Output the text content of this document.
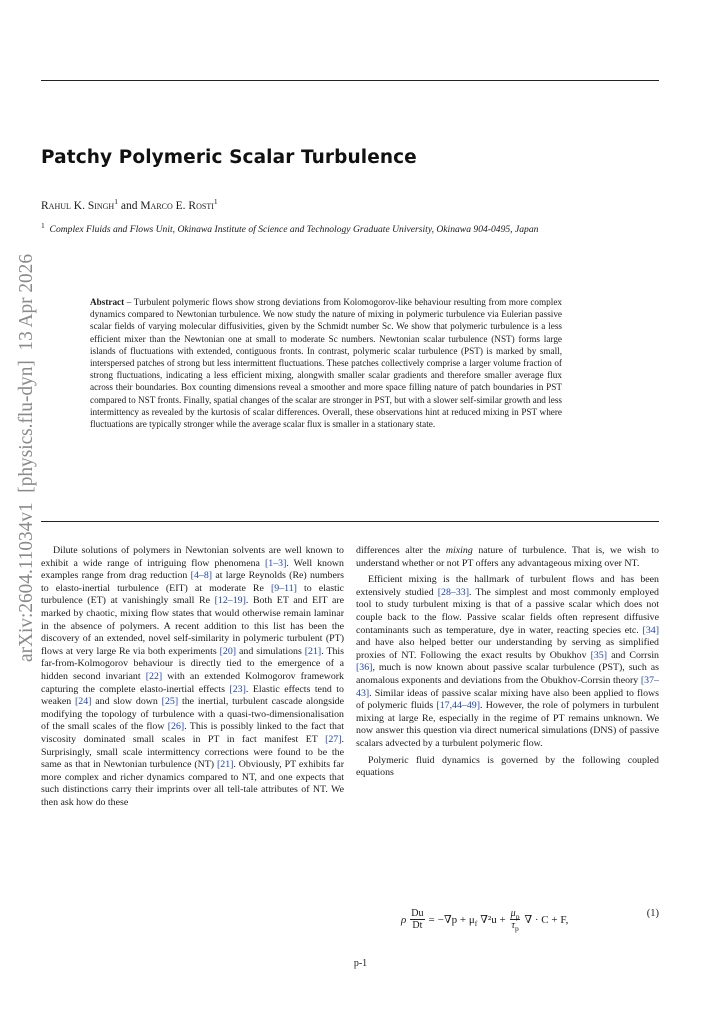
Patchy Polymeric Scalar Turbulence
Rahul K. Singh$^1$ and Marco E. Rosti$^1$
$^1$ Complex Fluids and Flows Unit, Okinawa Institute of Science and Technology Graduate University, Okinawa 904-0495, Japan
arXiv:2604.11034v1  [physics.flu-dyn]  13 Apr 2026	Abstract – Turbulent polymeric flows show strong deviations from Kolomogorov-like behaviour resulting from more complex dynamics compared to Newtonian turbulence. We now study the nature of mixing in polymeric turbulence via Eulerian passive scalar fields of varying molecular diffusivities, given by the Schmidt number Sc. We show that polymeric turbulence is a less efficient mixer than the Newtonian one at small to moderate Sc numbers. Newtonian scalar turbulence (NST) forms large islands of fluctuations with extended, contiguous fronts. In contrast, polymeric scalar turbulence (PST) is marked by small, interspersed patches of strong but less intermittent fluctuations. These patches collectively comprise a larger volume fraction of strong fluctuations, indicating a less efficient mixing, alongwith smaller scalar gradients and therefore smaller average flux across their boundaries. Box counting dimensions reveal a smoother and more space filling nature of patch boundaries in PST compared to NST fronts. Finally, spatial changes of the scalar are stronger in PST, but with a slower self-similar growth and less intermittency as revealed by the kurtosis of scalar differences. Overall, these observations hint at reduced mixing in PST where fluctuations are typically stronger while the average scalar flux is smaller in a stationary state.

Dilute solutions of polymers in Newtonian solvents are well known to exhibit a wide range of intriguing flow phenomena [1–3]. Well known examples range from drag reduction [4–8] at large Reynolds (Re) numbers to elasto-inertial turbulence (EIT) at moderate Re [9–11] to elastic turbulence (ET) at vanishingly small Re [12–19]. Both ET and EIT are marked by chaotic, mixing flow states that would otherwise remain laminar in the absence of polymers. A recent addition to this list has been the discovery of an extended, novel self-similarity in polymeric turbulent (PT) flows at very large Re via both experiments [20] and simulations [21]. This far-from-Kolmogorov behaviour is directly tied to the emergence of a hidden second invariant [22] with an extended Kolmogorov framework capturing the complete elasto-inertial effects [23]. Elastic effects tend to weaken [24] and slow down [25] the inertial, turbulent cascade alongside modifying the topology of turbulence with a quasi-two-dimensionalisation of the small scales of the flow [26]. This is possibly linked to the fact that viscosity dominated small scales in PT in fact manifest ET [27]. Surprisingly, small scale intermittency corrections were found to be the same as that in Newtonian turbulence (NT) [21]. Obviously, PT exhibits far more complex and richer dynamics compared to NT, and one expects that such distinctions carry their imprints over all tell-tale attributes of NT. We then ask how do these

differences alter the mixing nature of turbulence. That is, we wish to understand whether or not PT offers any advantageous mixing over NT.

Efficient mixing is the hallmark of turbulent flows and has been extensively studied [28–33]. The simplest and most commonly employed tool to study turbulent mixing is that of a passive scalar which does not couple back to the flow. Passive scalar fields often represent diffusive contaminants such as temperature, dye in water, reacting species etc. [34] and have also helped better our understanding by serving as simplified proxies of NT. Following the exact results by Obukhov [35] and Corrsin [36], much is now known about passive scalar turbulence (PST), such as anomalous exponents and deviations from the Obukhov-Corrsin theory [37–43]. Similar ideas of passive scalar mixing have also been applied to flows of polymeric fluids [17,44–49]. However, the role of polymers in turbulent mixing at large Re, especially in the regime of PT remains unknown. We now answer this question via direct numerical simulations (DNS) of passive scalars advected by a turbulent polymeric flow.

Polymeric fluid dynamics is governed by the following coupled equations

ρ $\frac{Du}{Dt} = -\nabla p + \mu_f$ $\nabla^2u + \frac{\mu_p}{\tau_p}$ ∇ · C + F,
(1)
p-1
